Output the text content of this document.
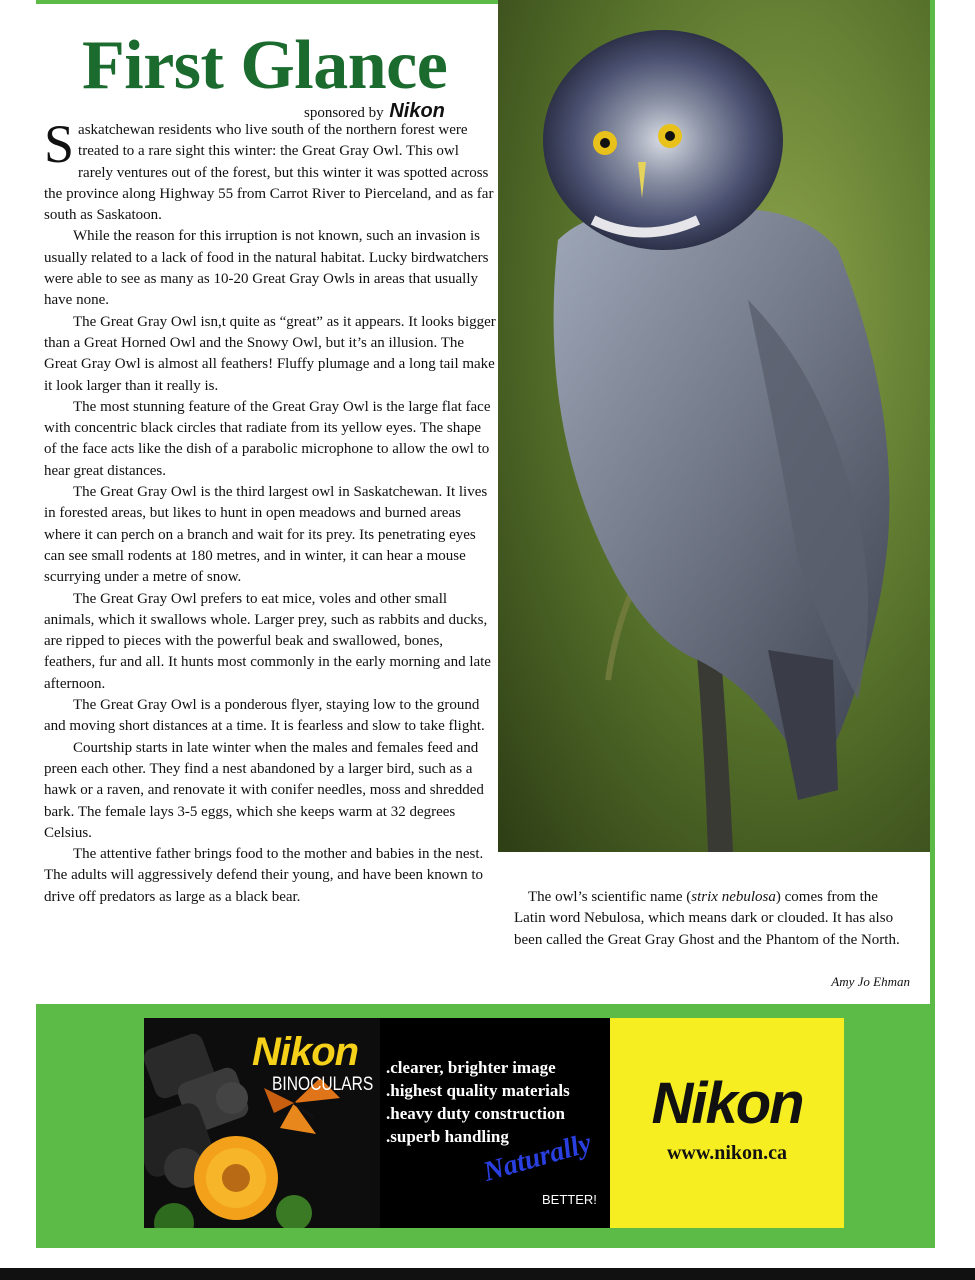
First Glance
sponsored by Nikon

Saskatchewan residents who live south of the northern forest were treated to a rare sight this winter: the Great Gray Owl. This owl rarely ventures out of the forest, but this winter it was spotted across the province along Highway 55 from Carrot River to Pierceland, and as far south as Saskatoon.

While the reason for this irruption is not known, such an invasion is usually related to a lack of food in the natural habitat. Lucky birdwatchers were able to see as many as 10-20 Great Gray Owls in areas that usually have none.

The Great Gray Owl isn,t quite as “great” as it appears. It looks bigger than a Great Horned Owl and the Snowy Owl, but it’s an illusion. The Great Gray Owl is almost all feathers! Fluffy plumage and a long tail make it look larger than it really is.

The most stunning feature of the Great Gray Owl is the large flat face with concentric black circles that radiate from its yellow eyes. The shape of the face acts like the dish of a parabolic microphone to allow the owl to hear great distances.

The Great Gray Owl is the third largest owl in Saskatchewan. It lives in forested areas, but likes to hunt in open meadows and burned areas where it can perch on a branch and wait for its prey. Its penetrating eyes can see small rodents at 180 metres, and in winter, it can hear a mouse scurrying under a metre of snow.

The Great Gray Owl prefers to eat mice, voles and other small animals, which it swallows whole. Larger prey, such as rabbits and ducks, are ripped to pieces with the powerful beak and swallowed, bones, feathers, fur and all. It hunts most commonly in the early morning and late afternoon.

The Great Gray Owl is a ponderous flyer, staying low to the ground and moving short distances at a time. It is fearless and slow to take flight.

Courtship starts in late winter when the males and females feed and preen each other. They find a nest abandoned by a larger bird, such as a hawk or a raven, and renovate it with conifer needles, moss and shredded bark. The female lays 3-5 eggs, which she keeps warm at 32 degrees Celsius.

The attentive father brings food to the mother and babies in the nest. The adults will aggressively defend their young, and have been known to drive off predators as large as a black bear.	The owl’s scientific name (strix nebulosa) comes from the Latin word Nebulosa, which means dark or clouded. It has also been called the Great Gray Ghost and the Phantom of the North.

Amy Jo Ehman
Nikon
BINOCULARS
.clearer, brighter image
.highest quality materials
.heavy duty construction
.superb handling
Naturally
BETTER!
Nikon
www.nikon.ca
